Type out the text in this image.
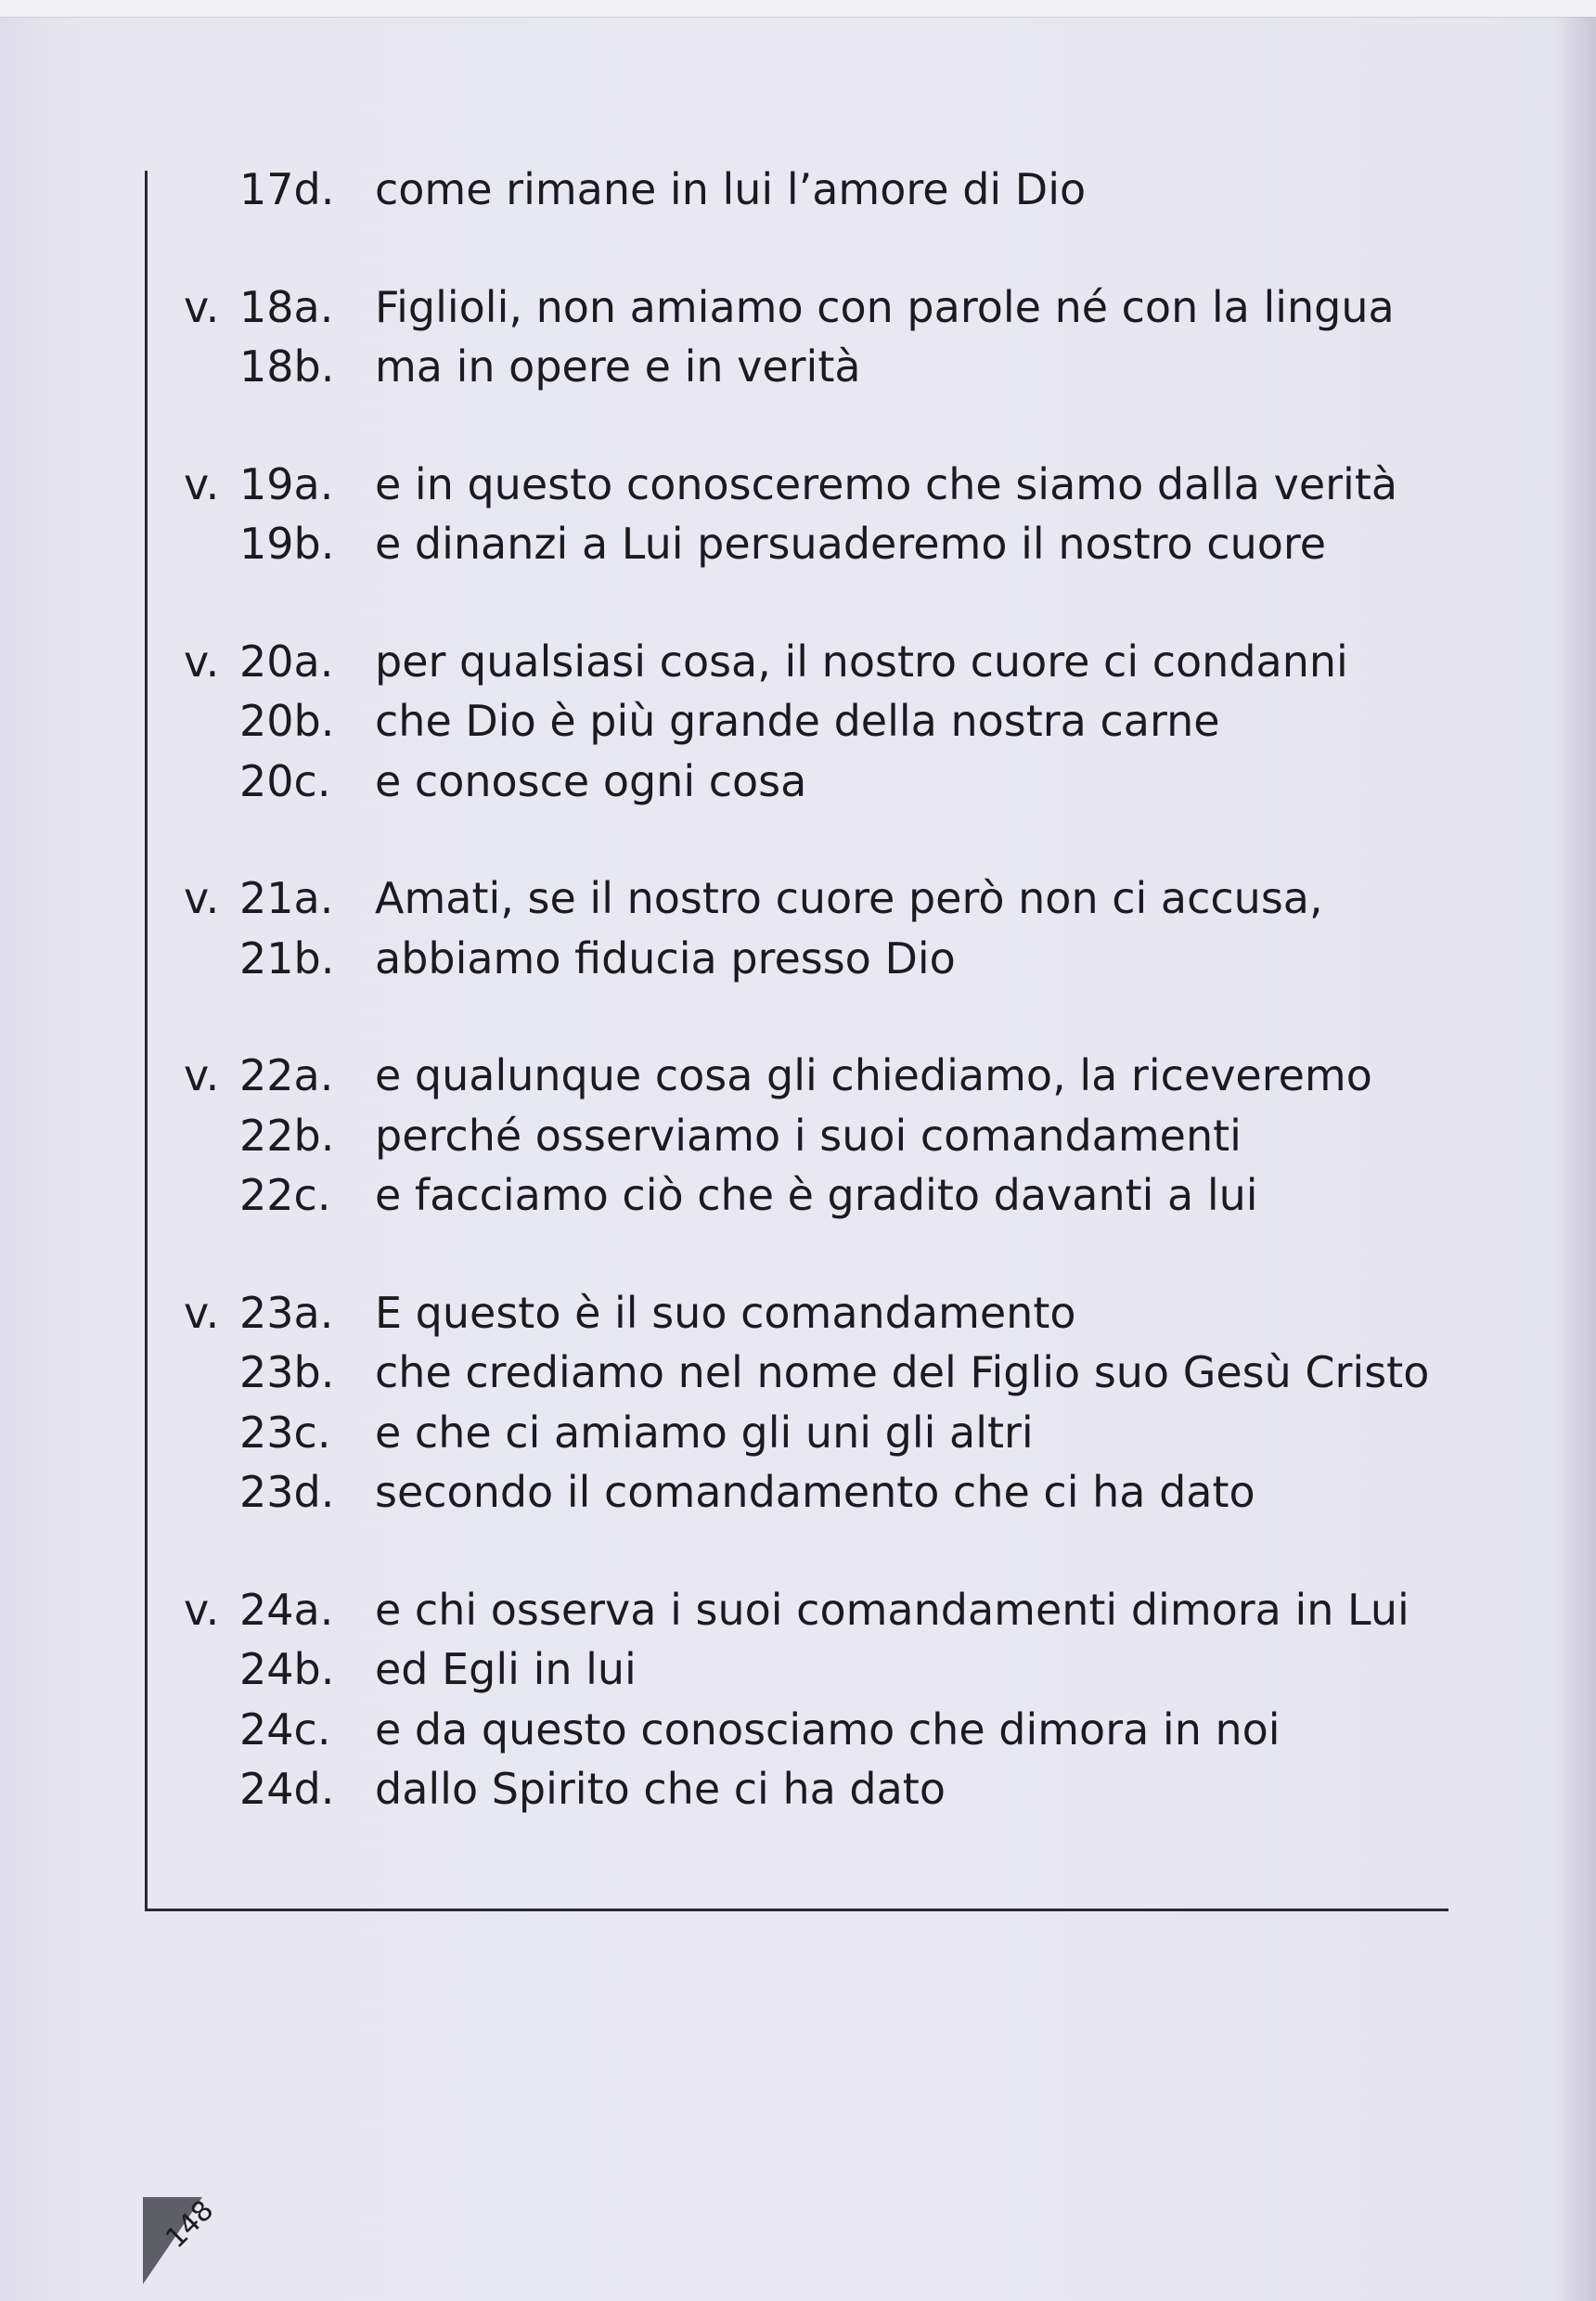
17d. come rimane in lui l’amore di Dio
v. 18a. Figlioli, non amiamo con parole né con la lingua
18b. ma in opere e in verità
v. 19a. e in questo conosceremo che siamo dalla verità
19b. e dinanzi a Lui persuaderemo il nostro cuore
v. 20a. per qualsiasi cosa, il nostro cuore ci condanni
20b. che Dio è più grande della nostra carne
20c.	e conosce ogni cosa
v. 21a. Amati, se il nostro cuore però non ci accusa,
21b. abbiamo fiducia presso Dio
v. 22a. e qualunque cosa gli chiediamo, la riceveremo
22b. perché osserviamo i suoi comandamenti
22c.	e facciamo ciò che è gradito davanti a lui
v. 23a. E questo è il suo comandamento
23b. che crediamo nel nome del Figlio suo Gesù Cristo
23c.	e che ci amiamo gli uni gli altri
23d. secondo il comandamento che ci ha dato
v. 24a. e chi osserva i suoi comandamenti dimora in Lui
24b. ed Egli in lui
24c.	e da questo conosciamo che dimora in noi
24d. dallo Spirito che ci ha dato
148
